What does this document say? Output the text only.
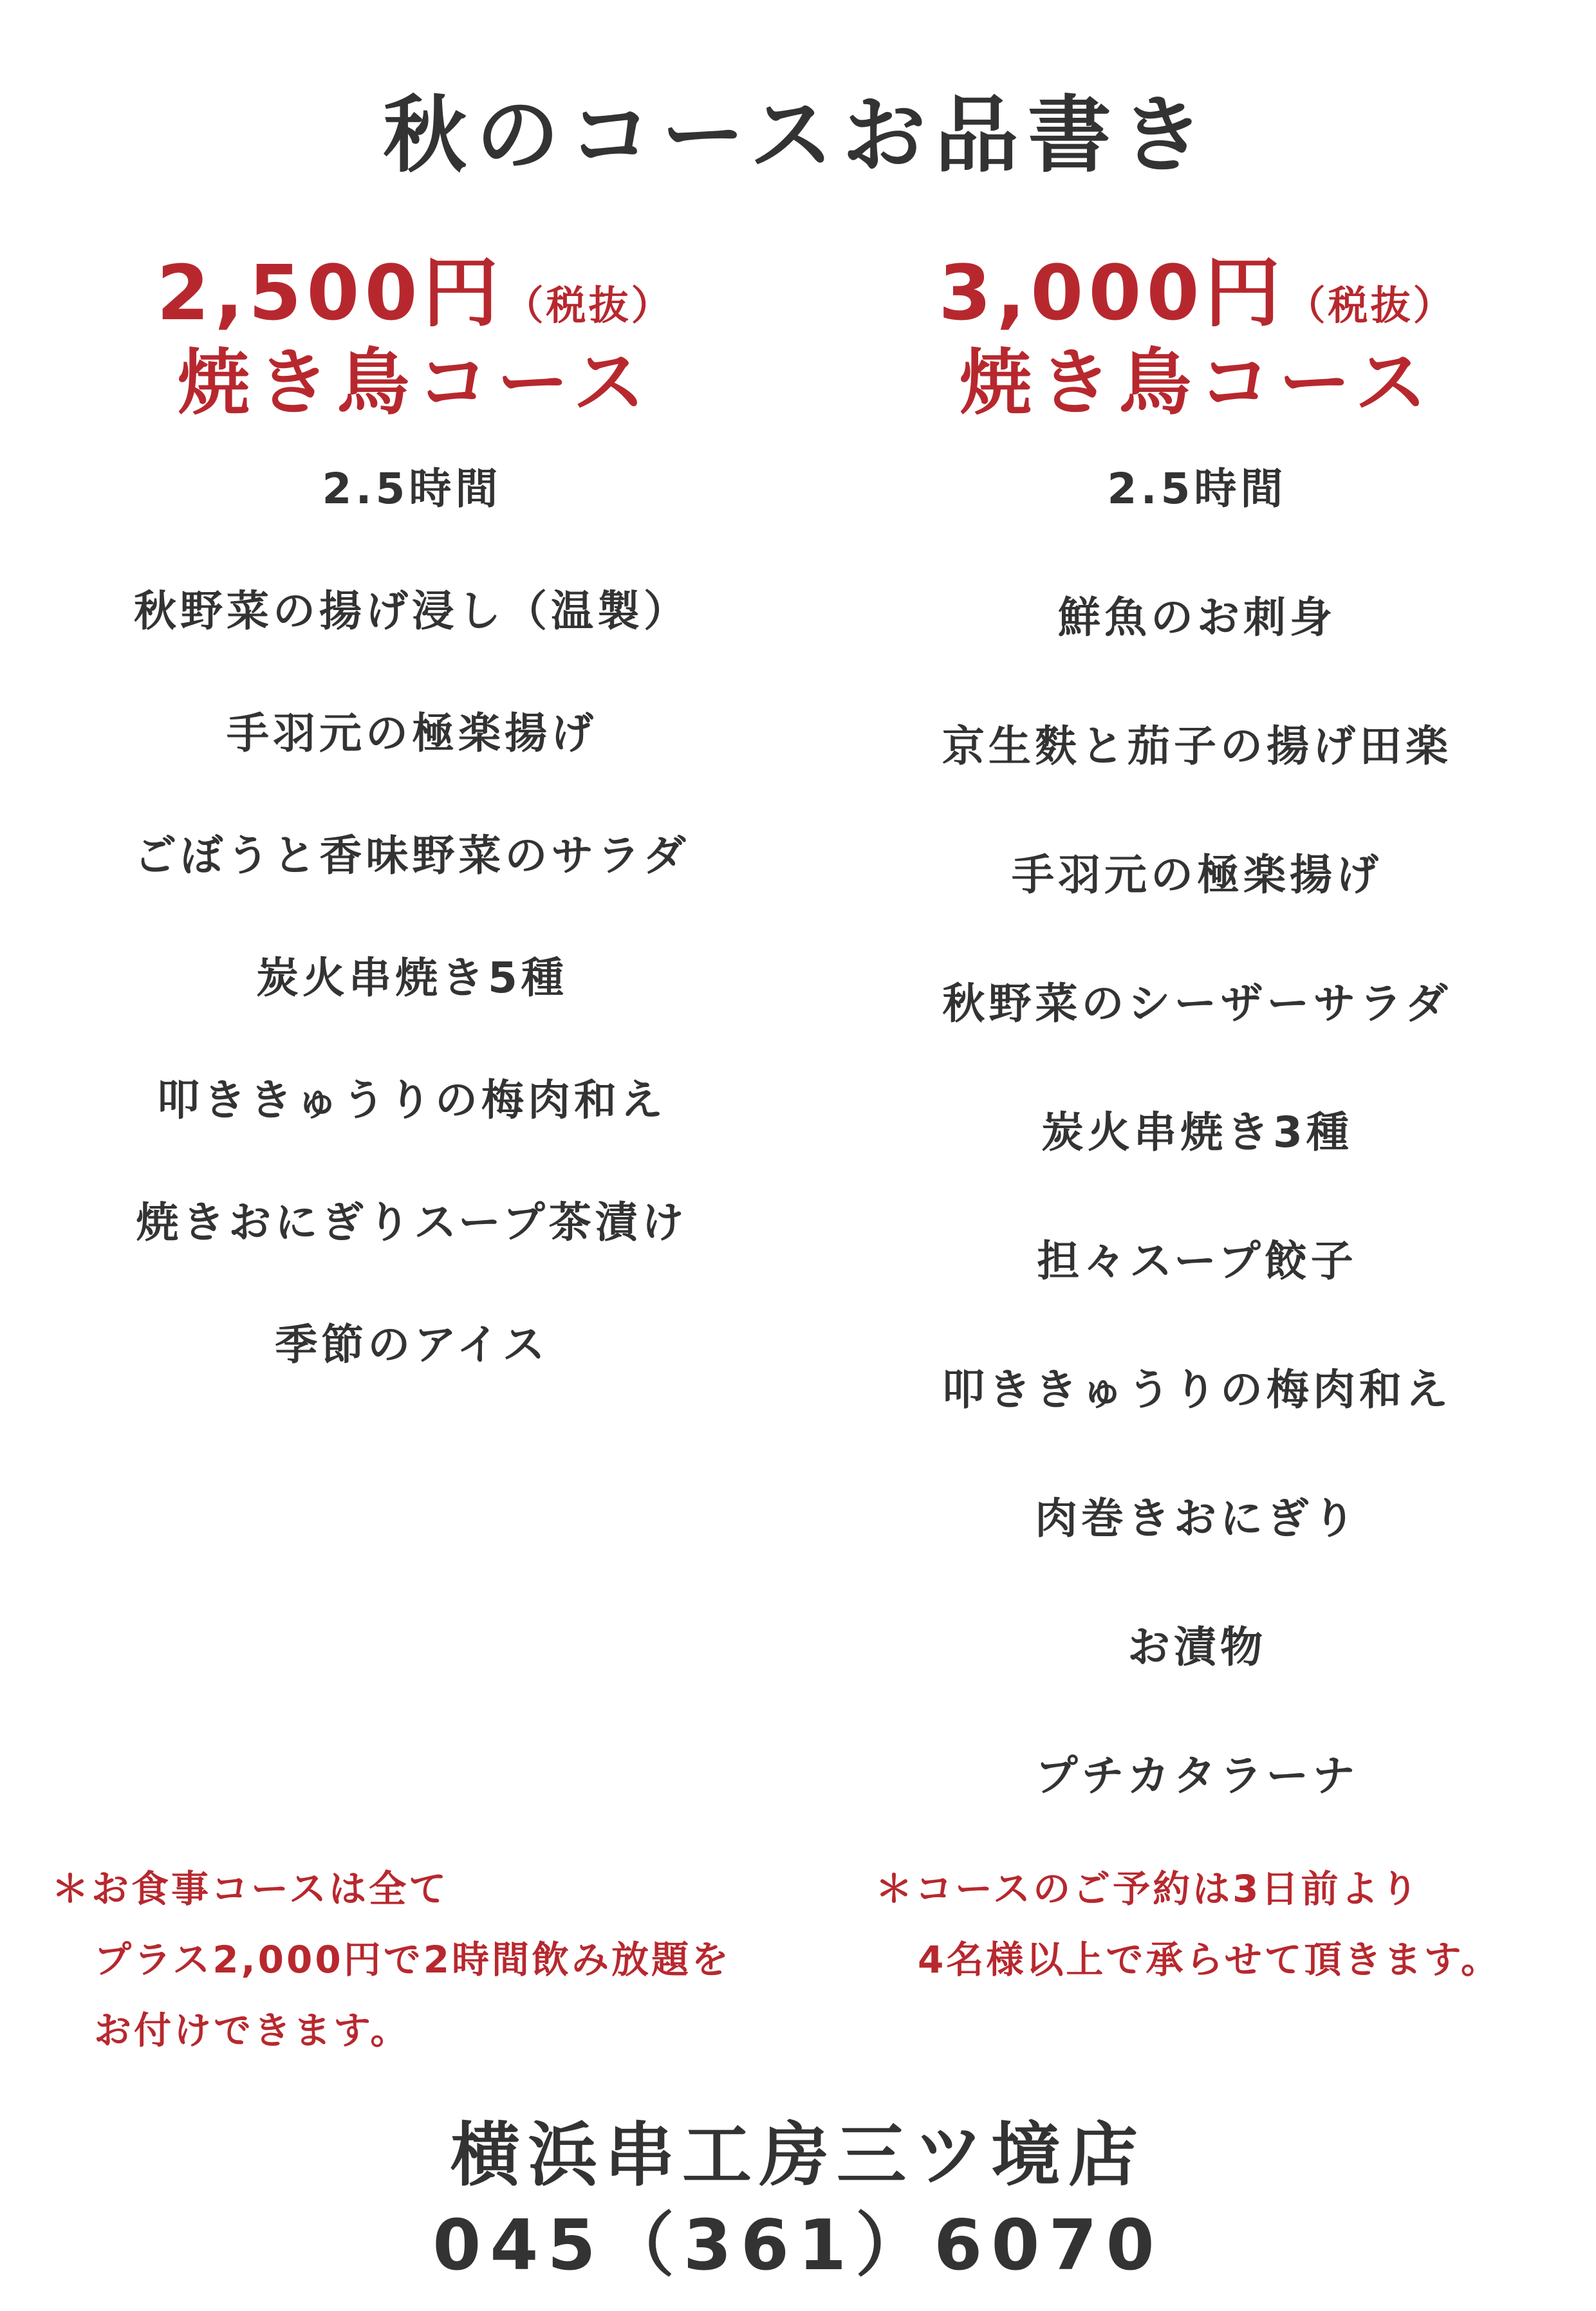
秋のコースお品書き
2,500円（税抜）
焼き鳥コース
3,000円（税抜）
焼き鳥コース
2.5時間
秋野菜の揚げ浸し（温製）
手羽元の極楽揚げ
ごぼうと香味野菜のサラダ
炭火串焼き5種
叩ききゅうりの梅肉和え
焼きおにぎりスープ茶漬け
季節のアイス
2.5時間
鮮魚のお刺身
京生麩と茄子の揚げ田楽
手羽元の極楽揚げ
秋野菜のシーザーサラダ
炭火串焼き3種
担々スープ餃子
叩ききゅうりの梅肉和え
肉巻きおにぎり
お漬物
プチカタラーナ
＊お食事コースは全て
プラス2,000円で2時間飲み放題を
お付けできます。
＊コースのご予約は3日前より
4名様以上で承らせて頂きます。
横浜串工房三ツ境店
045（361）6070
